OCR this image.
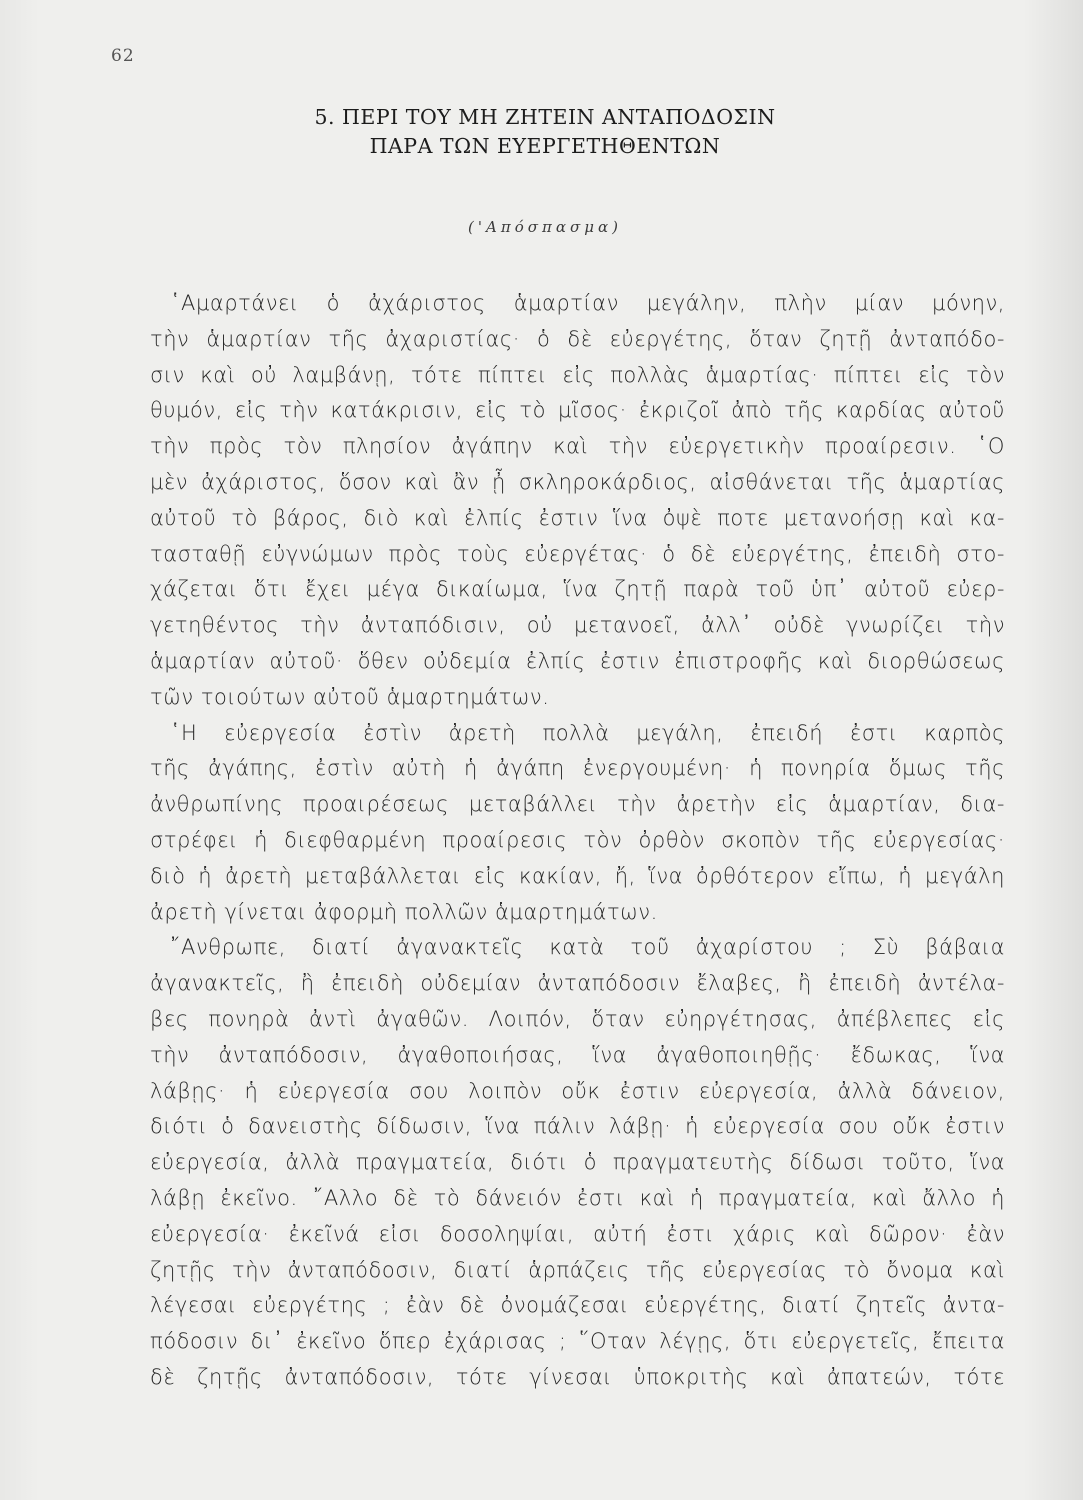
62
5. ΠΕΡΙ ΤΟΥ ΜΗ ΖΗΤΕΙΝ ΑΝΤΑΠΟΔΟΣΙΝ
ΠΑΡΑ ΤΩΝ ΕΥΕΡΓΕΤΗΘΕΝΤΩΝ
('Απόσπασμα)
῾Αμαρτάνει ὁ ἀχάριστος ἁμαρτίαν μεγάλην, πλὴν μίαν μόνην,
τὴν ἁμαρτίαν τῆς ἀχαριστίας· ὁ δὲ εὐεργέτης, ὅταν ζητῇ ἀνταπόδο-
σιν καὶ οὐ λαμβάνῃ, τότε πίπτει εἰς πολλὰς ἁμαρτίας· πίπτει εἰς τὸν
θυμόν, εἰς τὴν κατάκρισιν, εἰς τὸ μῖσος· ἐκριζοῖ ἀπὸ τῆς καρδίας αὐτοῦ
τὴν πρὸς τὸν πλησίον ἀγάπην καὶ τὴν εὐεργετικὴν προαίρεσιν. ῾Ο
μὲν ἀχάριστος, ὅσον καὶ ἂν ᾖ σκληροκάρδιος, αἰσθάνεται τῆς ἁμαρτίας
αὐτοῦ τὸ βάρος, διὸ καὶ ἐλπίς ἐστιν ἵνα ὀψὲ ποτε μετανοήσῃ καὶ κα-
τασταθῇ εὐγνώμων πρὸς τοὺς εὐεργέτας· ὁ δὲ εὐεργέτης, ἐπειδὴ στο-
χάζεται ὅτι ἔχει μέγα δικαίωμα, ἵνα ζητῇ παρὰ τοῦ ὑπ᾽ αὐτοῦ εὐερ-
γετηθέντος τὴν ἀνταπόδισιν, οὐ μετανοεῖ, ἀλλ᾽ οὐδὲ γνωρίζει τὴν
ἁμαρτίαν αὐτοῦ· ὅθεν οὐδεμία ἐλπίς ἐστιν ἐπιστροφῆς καὶ διορθώσεως
τῶν τοιούτων αὐτοῦ ἁμαρτημάτων.
῾Η εὐεργεσία ἐστὶν ἀρετὴ πολλὰ μεγάλη, ἐπειδή ἐστι καρπὸς
τῆς ἀγάπης, ἐστὶν αὐτὴ ἡ ἀγάπη ἐνεργουμένη· ἡ πονηρία ὅμως τῆς
ἀνθρωπίνης προαιρέσεως μεταβάλλει τὴν ἀρετὴν εἰς ἁμαρτίαν, δια-
στρέφει ἡ διεφθαρμένη προαίρεσις τὸν ὀρθὸν σκοπὸν τῆς εὐεργεσίας·
διὸ ἡ ἀρετὴ μεταβάλλεται εἰς κακίαν, ἤ, ἵνα ὀρθότερον εἴπω, ἡ μεγάλη
ἀρετὴ γίνεται ἀφορμὴ πολλῶν ἁμαρτημάτων.
῎Ανθρωπε, διατί ἀγανακτεῖς κατὰ τοῦ ἀχαρίστου ; Σὺ βάβαια
ἀγανακτεῖς, ἢ ἐπειδὴ οὐδεμίαν ἀνταπόδοσιν ἔλαβες, ἢ ἐπειδὴ ἀντέλα-
βες πονηρὰ ἀντὶ ἀγαθῶν. Λοιπόν, ὅταν εὐηργέτησας, ἀπέβλεπες εἰς
τὴν ἀνταπόδοσιν, ἀγαθοποιήσας, ἵνα ἀγαθοποιηθῇς· ἔδωκας, ἵνα
λάβῃς· ἡ εὐεργεσία σου λοιπὸν οὔκ ἐστιν εὐεργεσία, ἀλλὰ δάνειον,
διότι ὁ δανειστὴς δίδωσιν, ἵνα πάλιν λάβῃ· ἡ εὐεργεσία σου οὔκ ἐστιν
εὐεργεσία, ἀλλὰ πραγματεία, διότι ὁ πραγματευτὴς δίδωσι τοῦτο, ἵνα
λάβῃ ἐκεῖνο. ῎Αλλο δὲ τὸ δάνειόν ἐστι καὶ ἡ πραγματεία, καὶ ἄλλο ἡ
εὐεργεσία· ἐκεῖνά εἰσι δοσοληψίαι, αὐτή ἐστι χάρις καὶ δῶρον· ἐὰν
ζητῇς τὴν ἀνταπόδοσιν, διατί ἁρπάζεις τῆς εὐεργεσίας τὸ ὄνομα καὶ
λέγεσαι εὐεργέτης ; ἐὰν δὲ ὀνομάζεσαι εὐεργέτης, διατί ζητεῖς ἀντα-
πόδοσιν δι᾽ ἐκεῖνο ὅπερ ἐχάρισας ; ῞Οταν λέγῃς, ὅτι εὐεργετεῖς, ἔπειτα
δὲ ζητῇς ἀνταπόδοσιν, τότε γίνεσαι ὑποκριτὴς καὶ ἀπατεών, τότε
